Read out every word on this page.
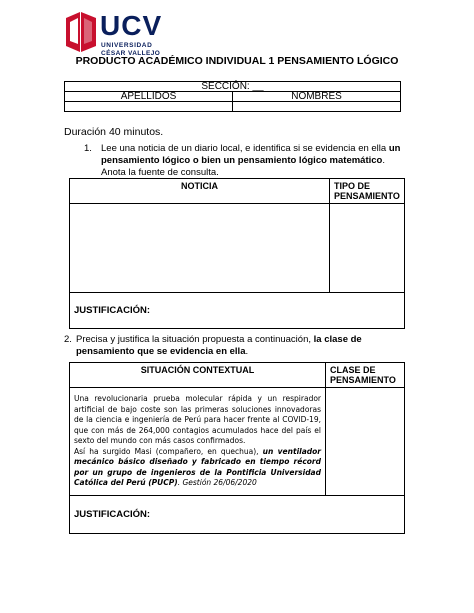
UCV
UNIVERSIDAD
CÉSAR VALLEJO
PRODUCTO ACADÉMICO INDIVIDUAL 1 PENSAMIENTO LÓGICO
SECCIÓN: __	
APELLIDOS	NOMBRES

Duración 40 minutos.
1. Lee una noticia de un diario local, e identifica si se evidencia en ella un pensamiento lógico o bien un pensamiento lógico matemático. Anota la fuente de consulta.
NOTICIA	TIPO DE PENSAMIENTO

JUSTIFICACIÓN:	
2. Precisa y justifica la situación propuesta a continuación, la clase de pensamiento que se evidencia en ella.
SITUACIÓN CONTEXTUAL	CLASE DE PENSAMIENTO

Una revolucionaria prueba molecular rápida y un respirador artificial de bajo coste son las primeras soluciones innovadoras de la ciencia e ingeniería de Perú para hacer frente al COVID-19, que con más de 264,000 contagios acumulados hace del país el sexto del mundo con más casos confirmados.

Así ha surgido Masi (compañero, en quechua), un ventilador mecánico básico diseñado y fabricado en tiempo récord por un grupo de ingenieros de la Pontificia Universidad Católica del Perú (PUCP). Gestión 26/06/2020	

JUSTIFICACIÓN:	
